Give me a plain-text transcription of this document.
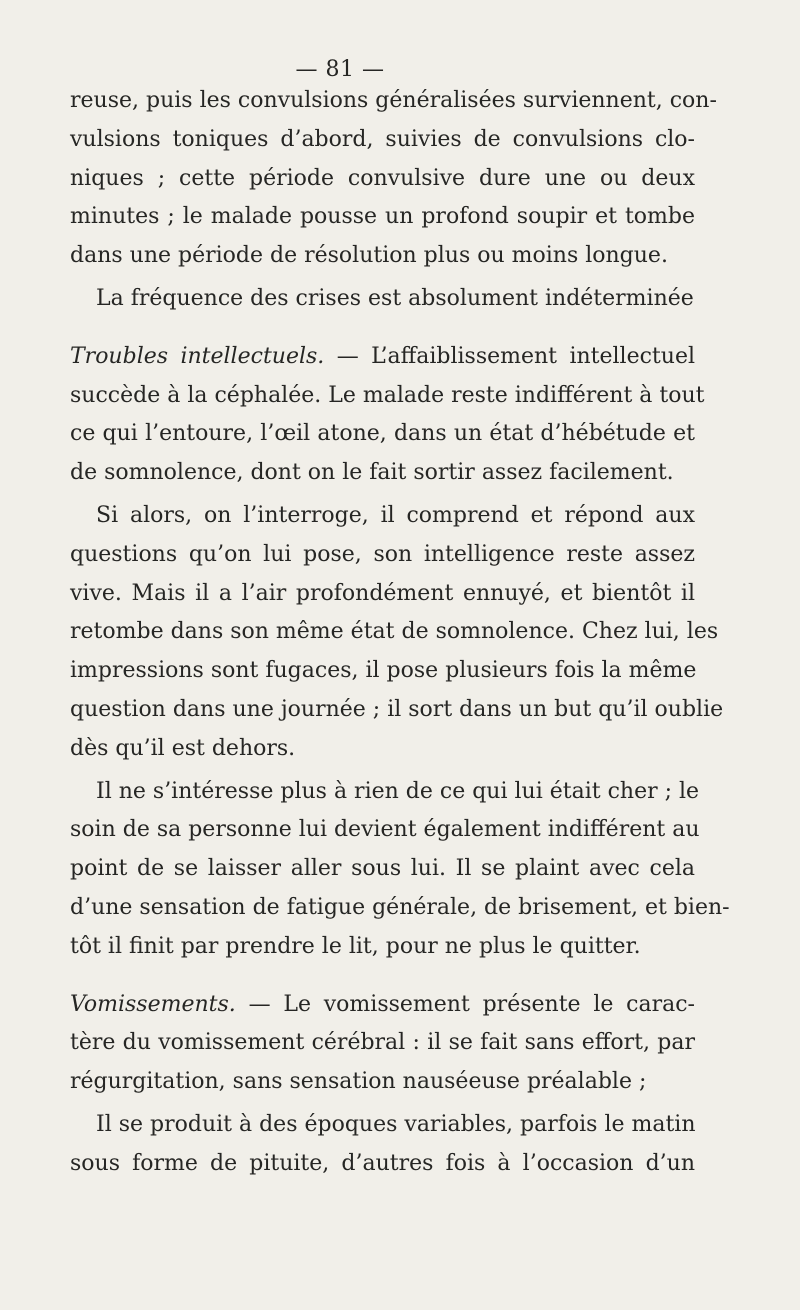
— 81 —
reuse, puis les convulsions généralisées surviennent, con-
vulsions toniques d’abord, suivies de convulsions clo-
niques ; cette période convulsive dure une ou deux
minutes ; le malade pousse un profond soupir et tombe
dans une période de résolution plus ou moins longue.
La fréquence des crises est absolument indéterminée
Troubles intellectuels. — L’affaiblissement intellectuel
succède à la céphalée. Le malade reste indifférent à tout
ce qui l’entoure, l’œil atone, dans un état d’hébétude et
de somnolence, dont on le fait sortir assez facilement.
Si alors, on l’interroge, il comprend et répond aux
questions qu’on lui pose, son intelligence reste assez
vive. Mais il a l’air profondément ennuyé, et bientôt il
retombe dans son même état de somnolence. Chez lui, les
impressions sont fugaces, il pose plusieurs fois la même
question dans une journée ; il sort dans un but qu’il oublie
dès qu’il est dehors.
Il ne s’intéresse plus à rien de ce qui lui était cher ; le
soin de sa personne lui devient également indifférent au
point de se laisser aller sous lui. Il se plaint avec cela
d’une sensation de fatigue générale, de brisement, et bien-
tôt il finit par prendre le lit, pour ne plus le quitter.
Vomissements. — Le vomissement présente le carac-
tère du vomissement cérébral : il se fait sans effort, par
régurgitation, sans sensation nauséeuse préalable ;
Il se produit à des époques variables, parfois le matin
sous forme de pituite, d’autres fois à l’occasion d’un
